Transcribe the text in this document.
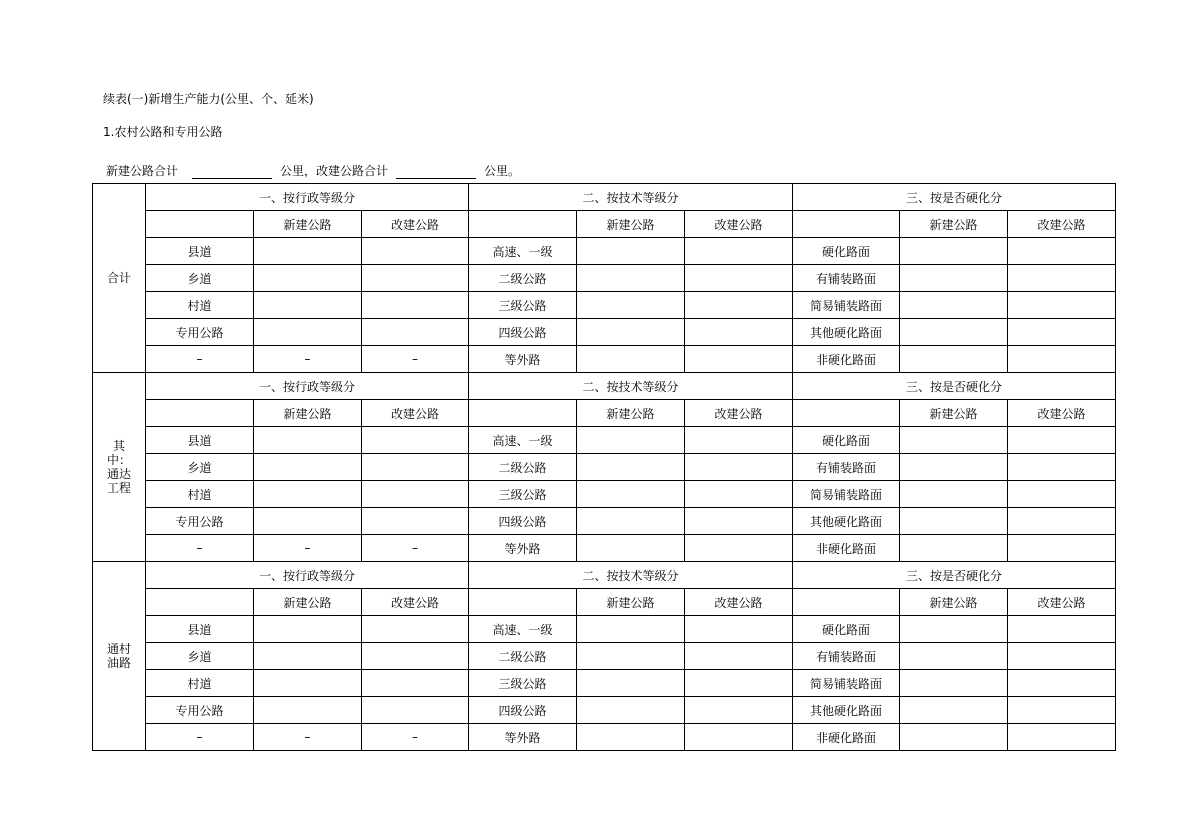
续表(一)新增生产能力(公里、个、延米)
1.农村公路和专用公路
新建公路合计	公里，改建公路合计	公里。
合计	一、按行政等级分			二、按技术等级分			三、按是否硬化分		
		新建公路	改建公路		新建公路	改建公路		新建公路	改建公路
	县道			高速、一级			硬化路面		
	乡道			二级公路			有铺装路面		
	村道			三级公路			简易铺装路面		
	专用公路			四级公路			其他硬化路面		
	–	–	–	等外路			非硬化路面		
其中：通达工程	一、按行政等级分			二、按技术等级分			三、按是否硬化分		
		新建公路	改建公路		新建公路	改建公路		新建公路	改建公路
	县道			高速、一级			硬化路面		
	乡道			二级公路			有铺装路面		
	村道			三级公路			简易铺装路面		
	专用公路			四级公路			其他硬化路面		
	–	–	–	等外路			非硬化路面		
通村油路	一、按行政等级分			二、按技术等级分			三、按是否硬化分		
		新建公路	改建公路		新建公路	改建公路		新建公路	改建公路
	县道			高速、一级			硬化路面		
	乡道			二级公路			有铺装路面		
	村道			三级公路			简易铺装路面		
	专用公路			四级公路			其他硬化路面		
	–	–	–	等外路			非硬化路面		
